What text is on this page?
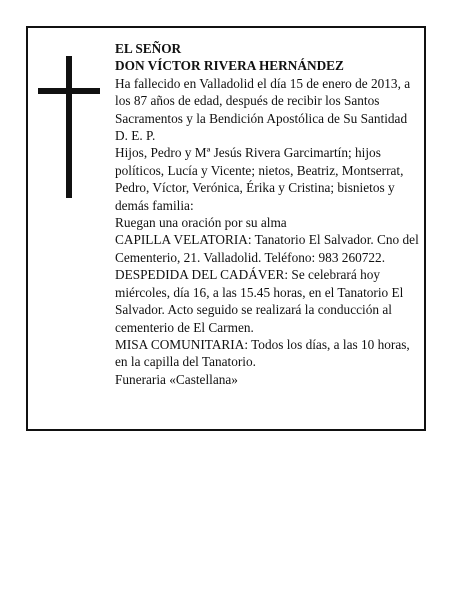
EL SEÑOR

DON VÍCTOR RIVERA HERNÁNDEZ

Ha fallecido en Valladolid el día 15 de enero de 2013, a los 87 años de edad, después de recibir los Santos Sacramentos y la Bendición Apostólica de Su Santidad D. E. P.

Hijos, Pedro y Mª Jesús Rivera Garcimartín; hijos políticos, Lucía y Vicente; nietos, Beatriz, Montserrat, Pedro, Víctor, Verónica, Érika y Cristina; bisnietos y demás familia:

Ruegan una oración por su alma

CAPILLA VELATORIA: Tanatorio El Salvador. Cno del Cementerio, 21. Valladolid. Teléfono: 983 260722.

DESPEDIDA DEL CADÁVER: Se celebrará hoy miércoles, día 16, a las 15.45 horas, en el Tanatorio El Salvador. Acto seguido se realizará la conducción al cementerio de El Carmen.

MISA COMUNITARIA: Todos los días, a las 10 horas, en la capilla del Tanatorio.

Funeraria «Castellana»
